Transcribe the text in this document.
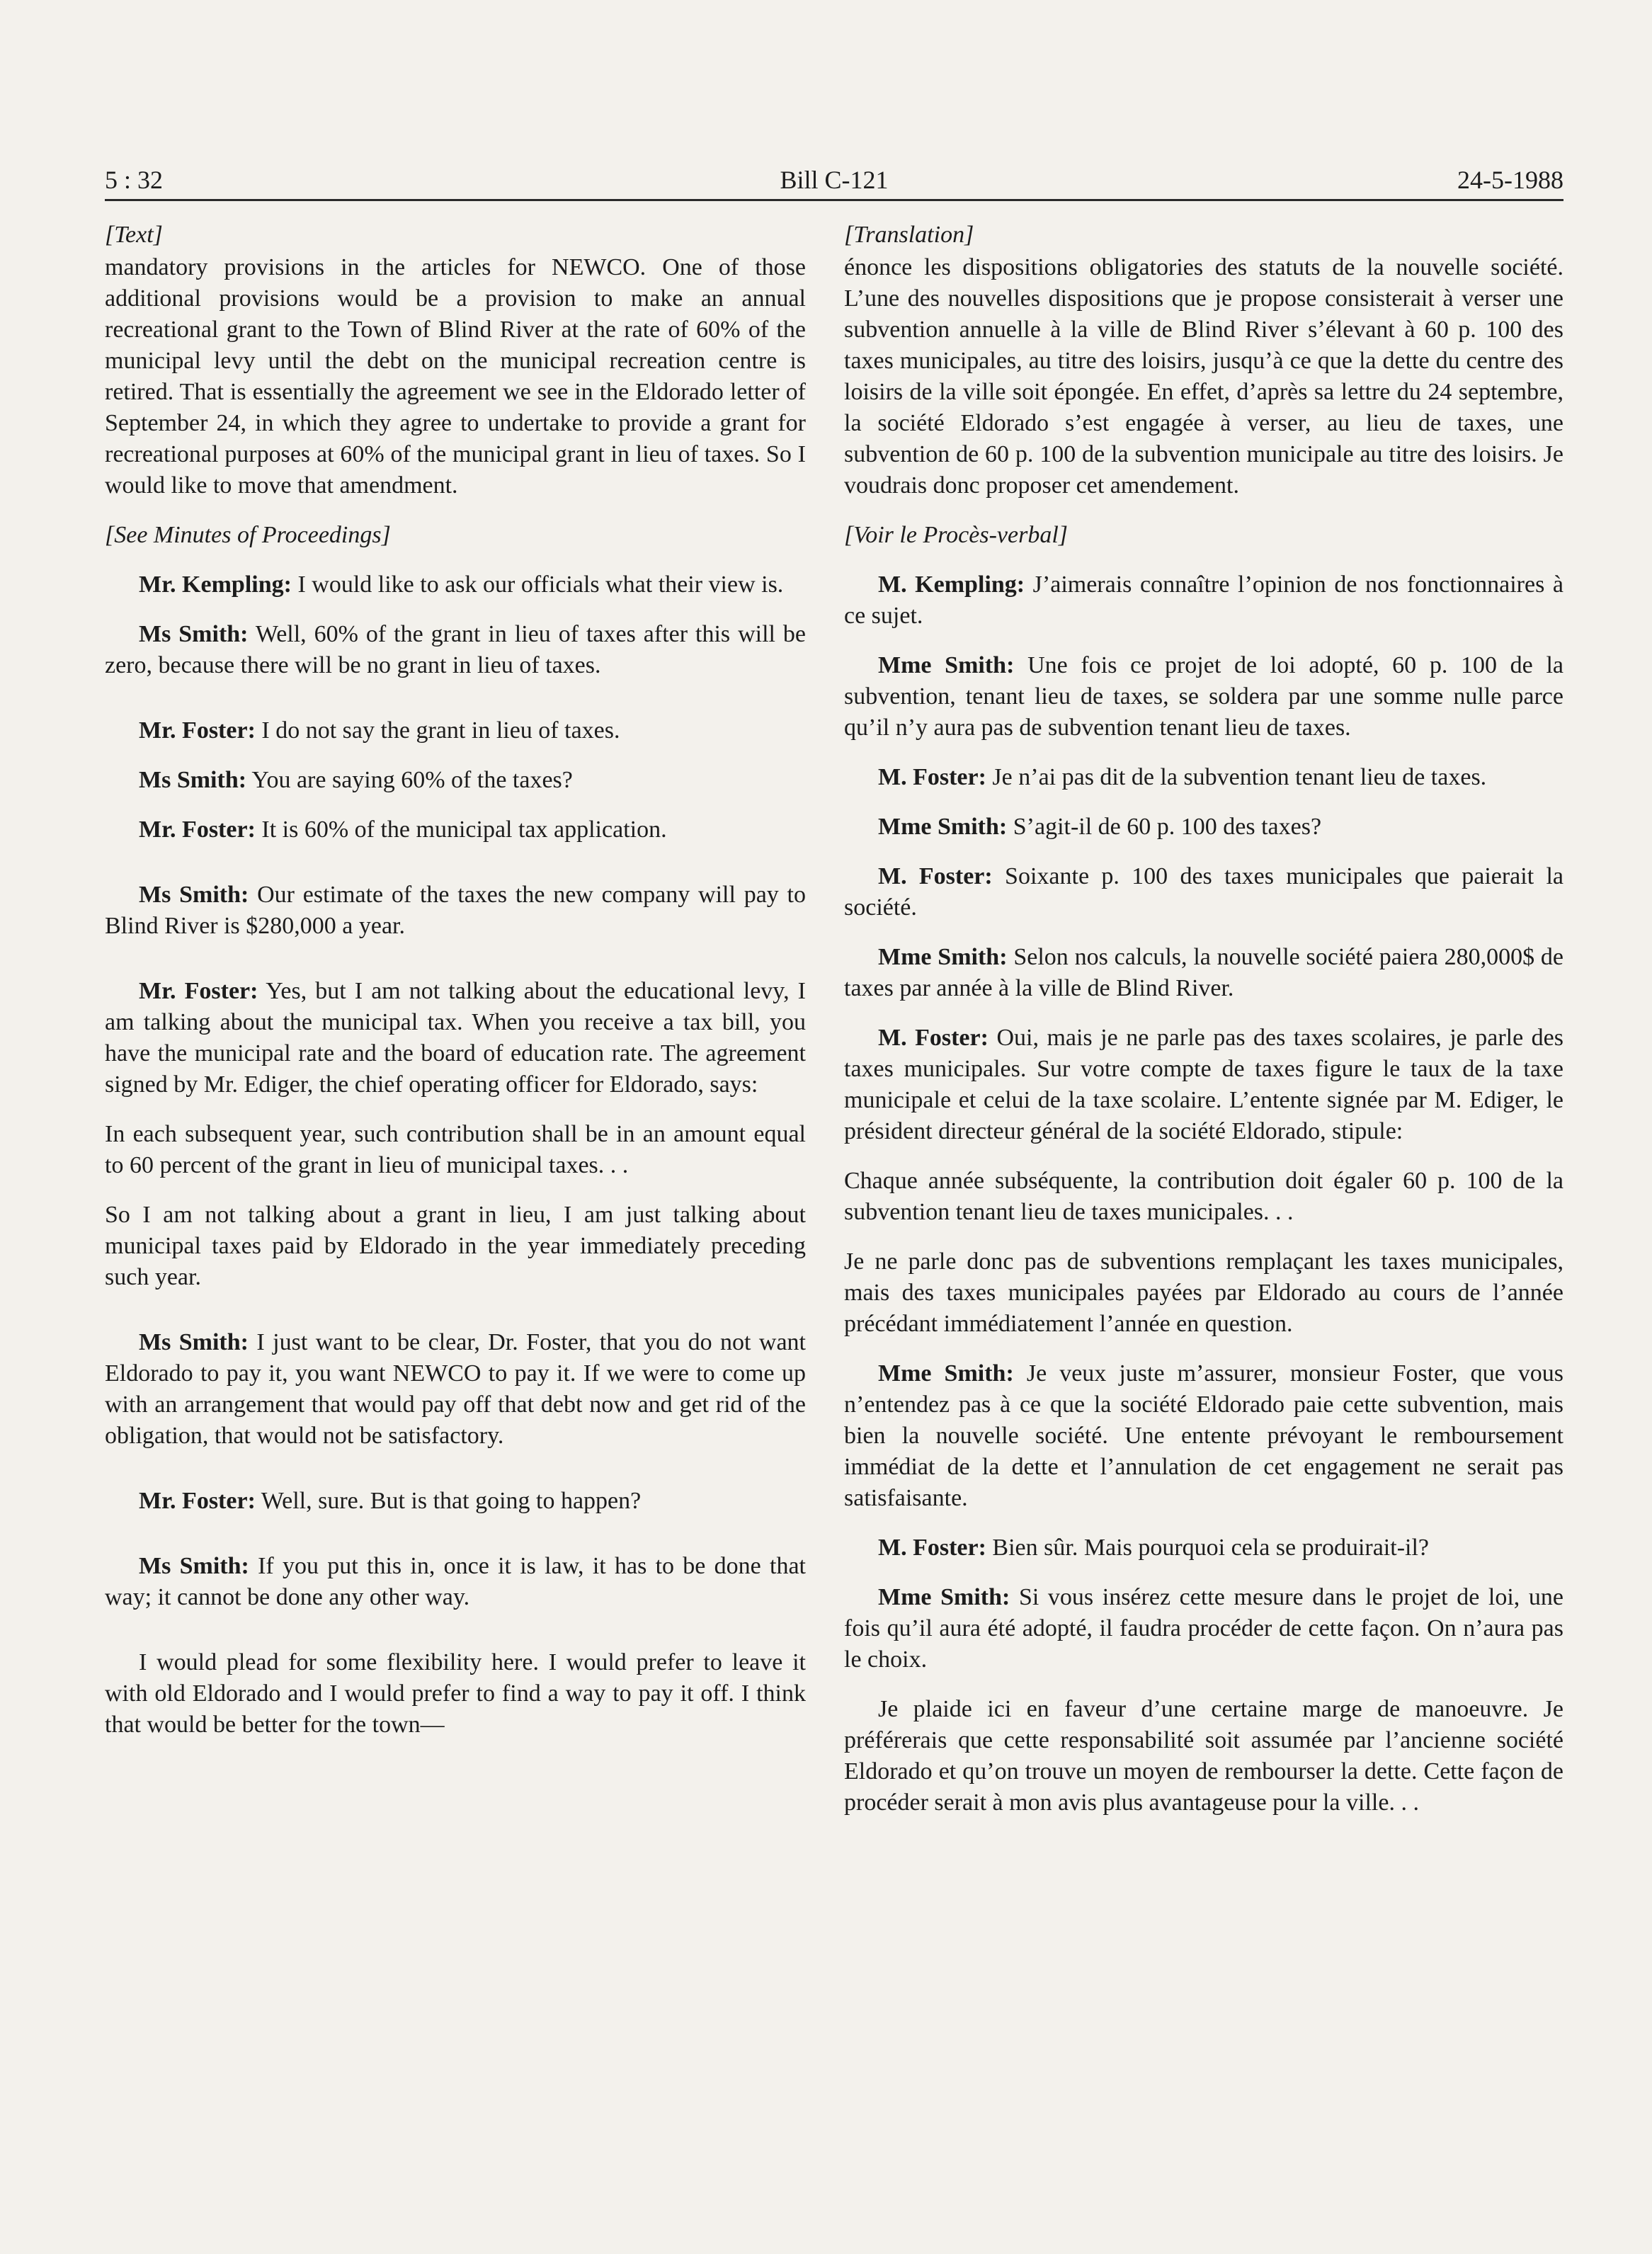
5 : 32	Bill C-121	24-5-1988
[Text]

mandatory provisions in the articles for NEWCO. One of those additional provisions would be a provision to make an annual recreational grant to the Town of Blind River at the rate of 60% of the municipal levy until the debt on the municipal recreation centre is retired. That is essentially the agreement we see in the Eldorado letter of September 24, in which they agree to undertake to provide a grant for recreational purposes at 60% of the municipal grant in lieu of taxes. So I would like to move that amendment.

[See Minutes of Proceedings]

Mr. Kempling: I would like to ask our officials what their view is.

Ms Smith: Well, 60% of the grant in lieu of taxes after this will be zero, because there will be no grant in lieu of taxes.

Mr. Foster: I do not say the grant in lieu of taxes.

Ms Smith: You are saying 60% of the taxes?

Mr. Foster: It is 60% of the municipal tax application.

Ms Smith: Our estimate of the taxes the new company will pay to Blind River is $280,000 a year.

Mr. Foster: Yes, but I am not talking about the educational levy, I am talking about the municipal tax. When you receive a tax bill, you have the municipal rate and the board of education rate. The agreement signed by Mr. Ediger, the chief operating officer for Eldorado, says:

In each subsequent year, such contribution shall be in an amount equal to 60 percent of the grant in lieu of municipal taxes. . .

So I am not talking about a grant in lieu, I am just talking about municipal taxes paid by Eldorado in the year immediately preceding such year.

Ms Smith: I just want to be clear, Dr. Foster, that you do not want Eldorado to pay it, you want NEWCO to pay it. If we were to come up with an arrangement that would pay off that debt now and get rid of the obligation, that would not be satisfactory.

Mr. Foster: Well, sure. But is that going to happen?

Ms Smith: If you put this in, once it is law, it has to be done that way; it cannot be done any other way.

I would plead for some flexibility here. I would prefer to leave it with old Eldorado and I would prefer to find a way to pay it off. I think that would be better for the town—

[Translation]

énonce les dispositions obligatories des statuts de la nouvelle société. L’une des nouvelles dispositions que je propose consisterait à verser une subvention annuelle à la ville de Blind River s’élevant à 60 p. 100 des taxes municipales, au titre des loisirs, jusqu’à ce que la dette du centre des loisirs de la ville soit épongée. En effet, d’après sa lettre du 24 septembre, la société Eldorado s’est engagée à verser, au lieu de taxes, une subvention de 60 p. 100 de la subvention municipale au titre des loisirs. Je voudrais donc proposer cet amendement.

[Voir le Procès-verbal]

M. Kempling: J’aimerais connaître l’opinion de nos fonctionnaires à ce sujet.

Mme Smith: Une fois ce projet de loi adopté, 60 p. 100 de la subvention, tenant lieu de taxes, se soldera par une somme nulle parce qu’il n’y aura pas de subvention tenant lieu de taxes.

M. Foster: Je n’ai pas dit de la subvention tenant lieu de taxes.

Mme Smith: S’agit-il de 60 p. 100 des taxes?

M. Foster: Soixante p. 100 des taxes municipales que paierait la société.

Mme Smith: Selon nos calculs, la nouvelle société paiera 280,000$ de taxes par année à la ville de Blind River.

M. Foster: Oui, mais je ne parle pas des taxes scolaires, je parle des taxes municipales. Sur votre compte de taxes figure le taux de la taxe municipale et celui de la taxe scolaire. L’entente signée par M. Ediger, le président directeur général de la société Eldorado, stipule:

Chaque année subséquente, la contribution doit égaler 60 p. 100 de la subvention tenant lieu de taxes municipales. . .

Je ne parle donc pas de subventions remplaçant les taxes municipales, mais des taxes municipales payées par Eldorado au cours de l’année précédant immédiatement l’année en question.

Mme Smith: Je veux juste m’assurer, monsieur Foster, que vous n’entendez pas à ce que la société Eldorado paie cette subvention, mais bien la nouvelle société. Une entente prévoyant le remboursement immédiat de la dette et l’annulation de cet engagement ne serait pas satisfaisante.

M. Foster: Bien sûr. Mais pourquoi cela se produirait-il?

Mme Smith: Si vous insérez cette mesure dans le projet de loi, une fois qu’il aura été adopté, il faudra procéder de cette façon. On n’aura pas le choix.

Je plaide ici en faveur d’une certaine marge de manoeuvre. Je préférerais que cette responsabilité soit assumée par l’ancienne société Eldorado et qu’on trouve un moyen de rembourser la dette. Cette façon de procéder serait à mon avis plus avantageuse pour la ville. . .
